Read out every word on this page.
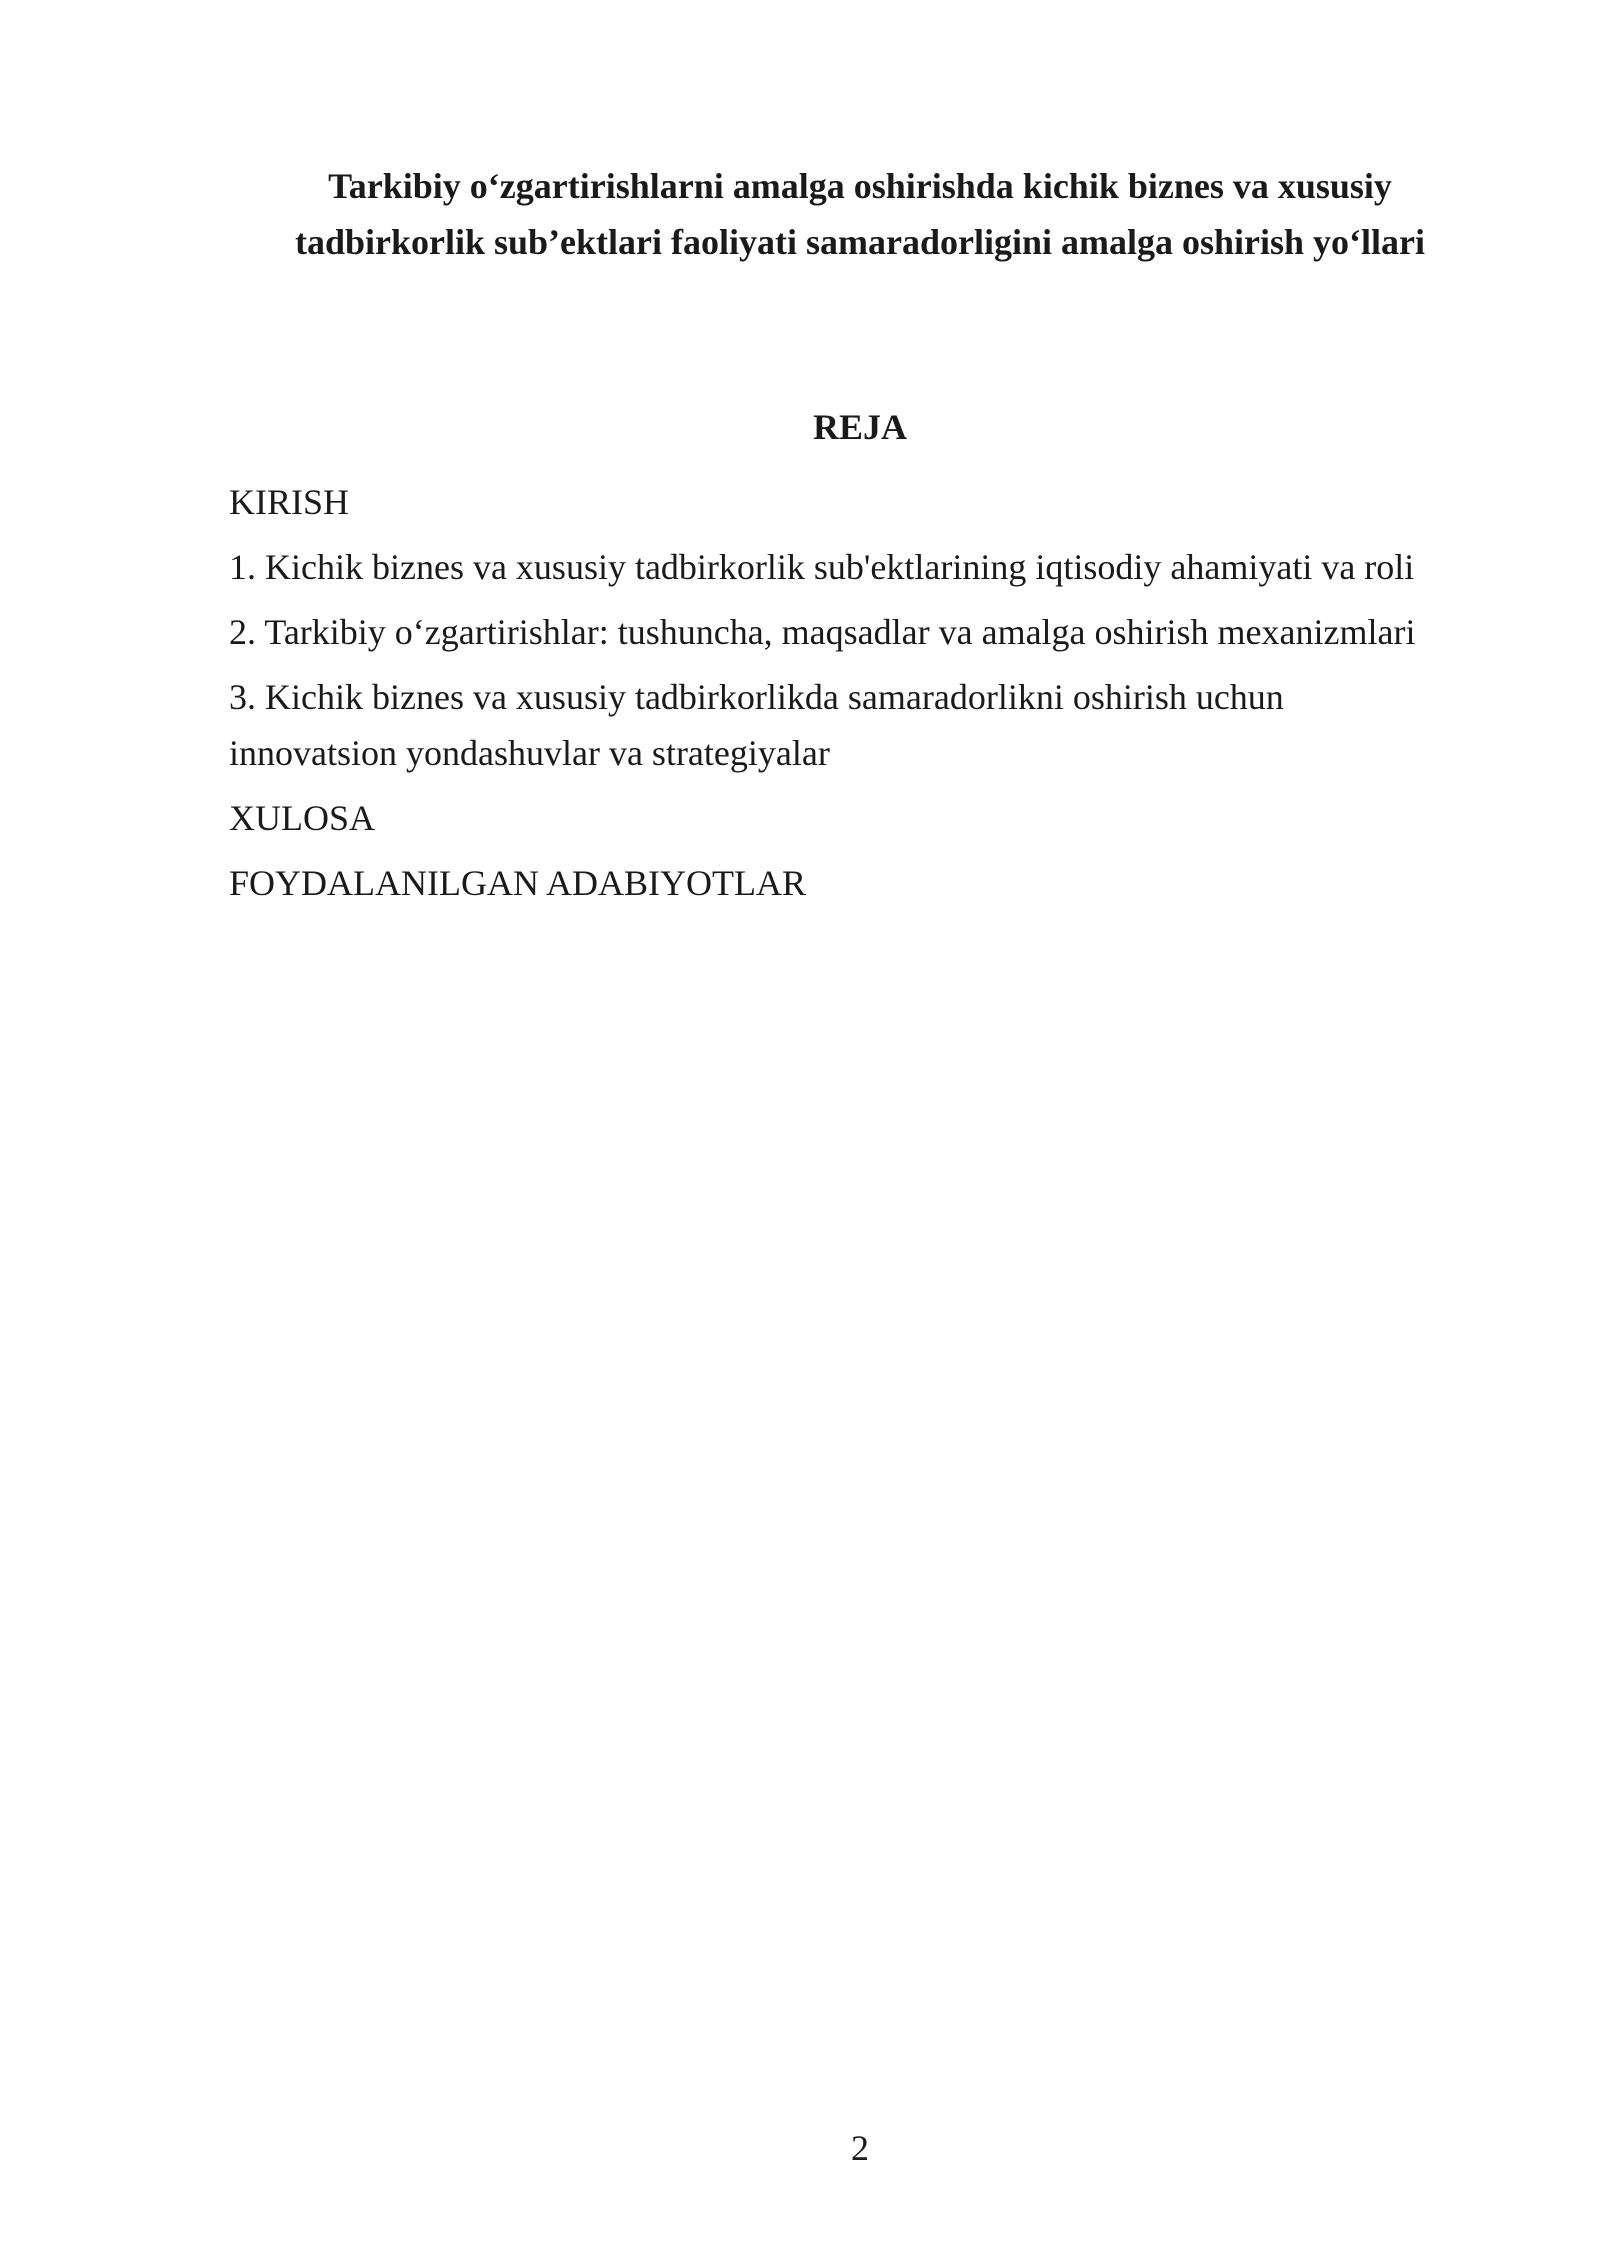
Tarkibiy o‘zgartirishlarni amalga oshirishda kichik biznes va xususiy
tadbirkorlik sub’ektlari faoliyati samaradorligini amalga oshirish yo‘llari
REJA
KIRISH
1. Kichik biznes va xususiy tadbirkorlik sub'ektlarining iqtisodiy ahamiyati va roli
2. Tarkibiy o‘zgartirishlar: tushuncha, maqsadlar va amalga oshirish mexanizmlari
3. Kichik biznes va xususiy tadbirkorlikda samaradorlikni oshirish uchun
innovatsion yondashuvlar va strategiyalar
XULOSA
FOYDALANILGAN ADABIYOTLAR
2
